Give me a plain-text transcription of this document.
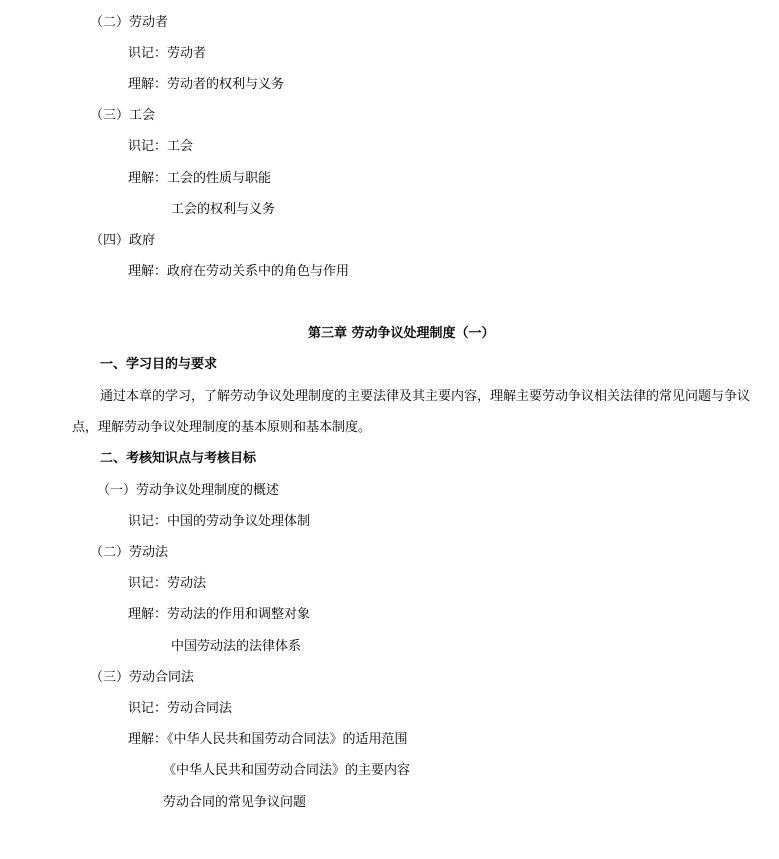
（二）劳动者
识记：劳动者
理解：劳动者的权利与义务
（三）工会
识记：工会
理解：工会的性质与职能
工会的权利与义务
（四）政府
理解：政府在劳动关系中的角色与作用
第三章 劳动争议处理制度（一）
一、学习目的与要求
通过本章的学习，了解劳动争议处理制度的主要法律及其主要内容，理解主要劳动争议相关法律的常见问题与争议点，理解劳动争议处理制度的基本原则和基本制度。
二、考核知识点与考核目标
（一）劳动争议处理制度的概述
识记：中国的劳动争议处理体制
（二）劳动法
识记：劳动法
理解：劳动法的作用和调整对象
中国劳动法的法律体系
（三）劳动合同法
识记：劳动合同法
理解：《中华人民共和国劳动合同法》的适用范围
《中华人民共和国劳动合同法》的主要内容
劳动合同的常见争议问题
